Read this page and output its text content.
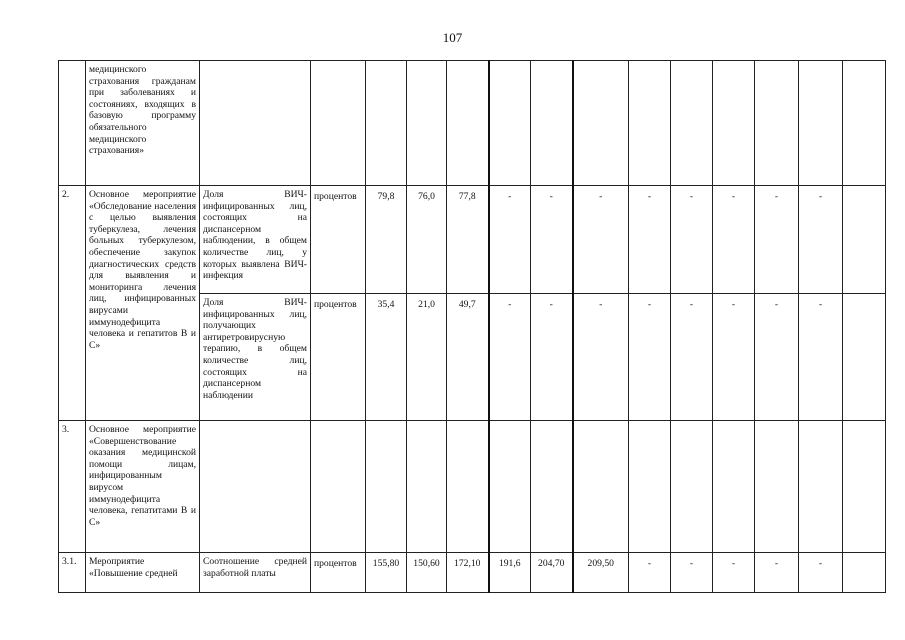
107
	медицинского страхования гражданам при заболеваниях и состояниях, входящих в базовую программу обязательного медицинского страхования»														
2.	Основное мероприятие «Обследование населения с целью выявления туберкулеза, лечения больных туберкулезом, обеспечение закупок диагностических средств для выявления и мониторинга лечения лиц, инфицированных вирусами иммунодефицита человека и гепатитов В и С»	Доля ВИЧ-инфицированных лиц, состоящих на диспансерном наблюдении, в общем количестве лиц, у которых выявлена ВИЧ-инфекция	процентов	79,8	76,0	77,8	-	-	-	-	-	-	-	-	
		Доля ВИЧ-инфицированных лиц, получающих антиретровирусную терапию, в общем количестве лиц, состоящих на диспансерном наблюдении	процентов	35,4	21,0	49,7	-	-	-	-	-	-	-	-	
3.	Основное мероприятие «Совершенствование оказания медицинской помощи лицам, инфицированным вирусом иммунодефицита человека, гепатитами В и С»														
3.1.	Мероприятие «Повышение средней	Соотношение средней заработной платы	процентов	155,80	150,60	172,10	191,6	204,70	209,50	-	-	-	-	-	
